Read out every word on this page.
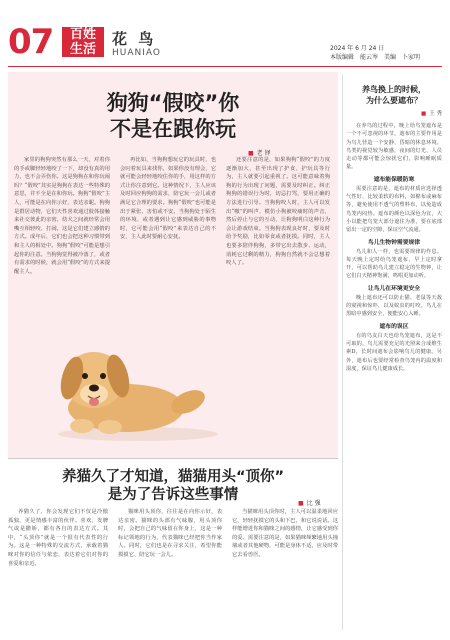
07	百姓
生活
花 鸟
HUANIAO	2024 年 6 月 24 日
本版编辑　能云岑　 美编　卜家明
狗狗“假咬”你
不是在跟你玩
■ 老 铎
家里的狗狗突然有那么一天，对着你的手或脚轻轻地咬了一下，却没有真的用力，也不会弄伤你。这是狗狗在和你玩闹吗？“假咬”其实是狗狗在表达一些特殊的意思，并不全是在和你玩。狗狗“假咬”主人，可能是在向你示好，表达亲昵。狗狗是群居动物，它们天性喜欢通过肢体接触来社交彼此的亲密。幼犬之间就经常会用嘴互相轻咬、打闹，这是它们建立感情的方式。成年后，它们也会把这种习惯带到和主人的相处中。狗狗“假咬”可能是想引起你的注意。当狗狗觉得被冷落了，或者有需求的时候，就会用“假咬”的方式来提醒主人。
再比如，当狗狗想玩它的玩具时，也会叼着玩具来找你，如果你没有理会，它就可能会轻轻地咬住你的手，用这样的方式让你注意到它。这种情况下，主人应该及时回应狗狗的需求，陪它玩一会儿或者满足它合理的要求。狗狗“假咬”也可能是出于紧张、害怕或不安。当狗狗处于陌生的环境，或者遇到让它感到威胁的事物时，它可能会用“假咬”来表达自己的不安，主人此时要耐心安抚。
还要注意的是，如果狗狗“假咬”的力度逐渐加大，甚至出现了护食、护玩具等行为，主人就要引起重视了。这可能意味着狗狗的行为出现了问题，需要及时纠正。纠正狗狗的错误行为时，切忌打骂，要用正确的方法进行引导。当狗狗咬人时，主人可以发出“嗷”的叫声，模仿小狗被咬痛时的声音，然后停止与它的互动，让狗狗明白这种行为会让游戏结束。当狗狗表现良好时，要及时给予奖励，比如零食或者抚摸。同时，主人也要多陪伴狗狗，多带它出去散步、运动，消耗它过剩的精力，狗狗自然就不会总想着咬人了。
养鸟换上的时候，
为什么要遮布？
■ 王 秀
在养鸟的过程中，晚上给鸟笼遮布是一个不可忽视的环节。遮布的主要作用是为鸟儿营造一个安静、昏暗的休息环境。鸟类的视觉较为敏感，夜间的灯光、人员走动等都可能会惊扰它们，影响睡眠质量。
遮布能保暖防寒
需要注意的是，遮布的材质应选择透气性好、比较柔软的布料，如棉布或麻布等，避免使用不透气的塑料布，以免造成鸟笼内闷热。遮布的颜色以深色为宜，大小以能把鸟笼大部分遮住为准，要在底部留出一定的空隙，保证空气流通。
鸟儿生物钟需要规律
鸟儿和人一样，也需要规律的作息。每天晚上定时给鸟笼遮布，早上定时拿开，可以帮助鸟儿建立稳定的生物钟，让它们白天精神饱满，鸣唱更加动听。
让鸟儿在环境更安全
晚上遮布还可以防止猫、老鼠等天敌的窥视和惊吓，以及蚊虫的叮咬。鸟儿在黑暗中感到安全，便能安心入睡。
遮布的误区
有的鸟友白天也给鸟笼遮布，这是不可取的。鸟儿需要充足的光照来合成维生素D，长时间遮布会影响鸟儿的健康。另外，遮布后也要经常检查鸟笼内的温度和湿度，保证鸟儿健康成长。
养猫久了才知道，猫猫用头“顶你”
是为了告诉这些事情
■ 比 强
养猫久了，你会发现它们不仅是冷傲孤独，更是情感丰富的伙伴。喜欢、发脾气或是撒娇，都有各自的表达方式。其中，“头顶你”就是一个很有代表性的行为。这是一种特殊的交流方式，承载着猫咪对你的信任与依恋，表达着它们对你的喜爱和亲近。
猫咪用头顶你，往往是在向你示好，表达亲密。猫咪的头部有气味腺，用头顶你时，会把自己的气味留在你身上，这是一种标记领地的行为，代表猫咪已经把你当作家人。同时，它们也是在寻求关注，希望你能摸摸它、陪它玩一会儿。
当猫咪用头顶你时，主人可以温柔地回应它，轻轻抚摸它的头和下巴，和它说说话。这样能增进你和猫咪之间的感情，让它感受到你的爱。需要注意的是，如果猫咪频繁地用头撞墙或者其他硬物，可能是身体不适，应及时带它去看兽医。
